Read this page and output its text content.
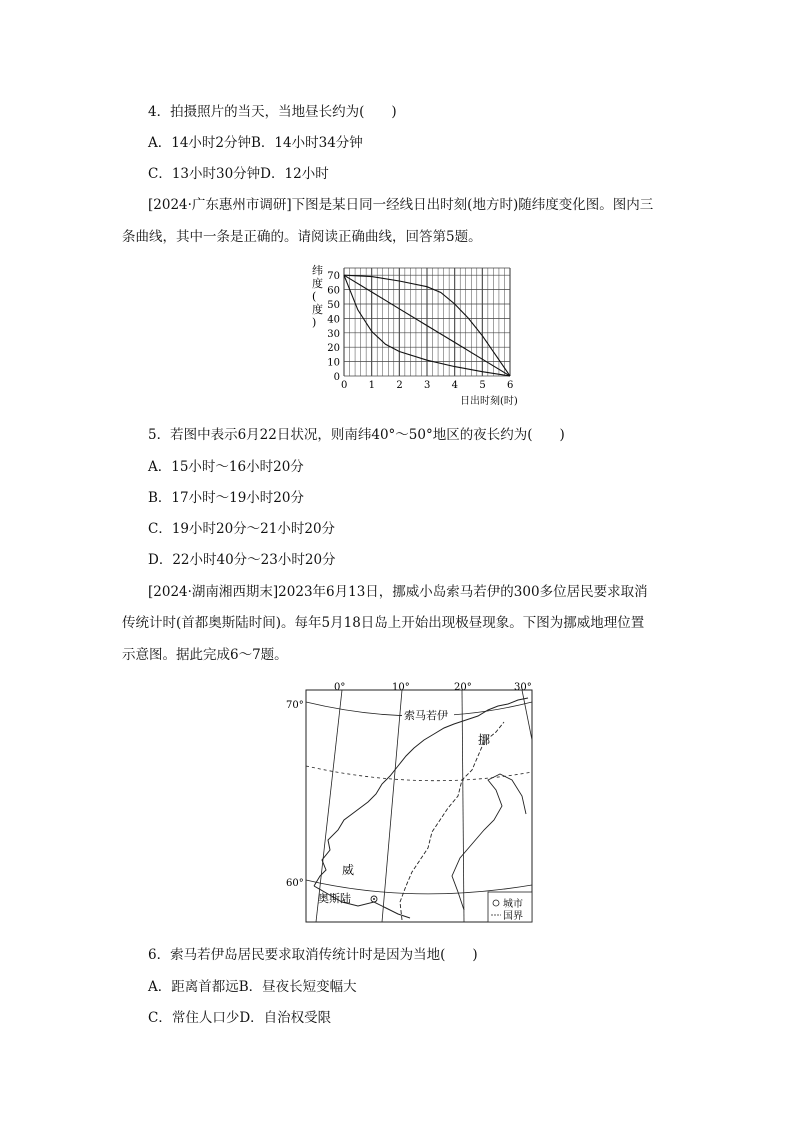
4．拍摄照片的当天，当地昼长约为(　　)
A．14小时2分钟B．14小时34分钟
C．13小时30分钟D．12小时
[2024·广东惠州市调研]下图是某日同一经线日出时刻(地方时)随纬度变化图。图内三
条曲线，其中一条是正确的。请阅读正确曲线，回答第5题。
0 1 2 3 4 5 6
0
10
20
30
40
50
60
70
日出时刻(时)
纬
度
(
度
)
5．若图中表示6月22日状况，则南纬40°～50°地区的夜长约为(　　)
A．15小时～16小时20分
B．17小时～19小时20分
C．19小时20分～21小时20分
D．22小时40分～23小时20分
[2024·湖南湘西期末]2023年6月13日，挪威小岛索马若伊的300多位居民要求取消
传统计时(首都奥斯陆时间)。每年5月18日岛上开始出现极昼现象。下图为挪威地理位置
示意图。据此完成6～7题。
0°	10°	20°	30°
70°
60°
索马若伊
挪
威
奥斯陆	城市
国界
6．索马若伊岛居民要求取消传统计时是因为当地(　　)
A．距离首都远B．昼夜长短变幅大
C．常住人口少D．自治权受限
